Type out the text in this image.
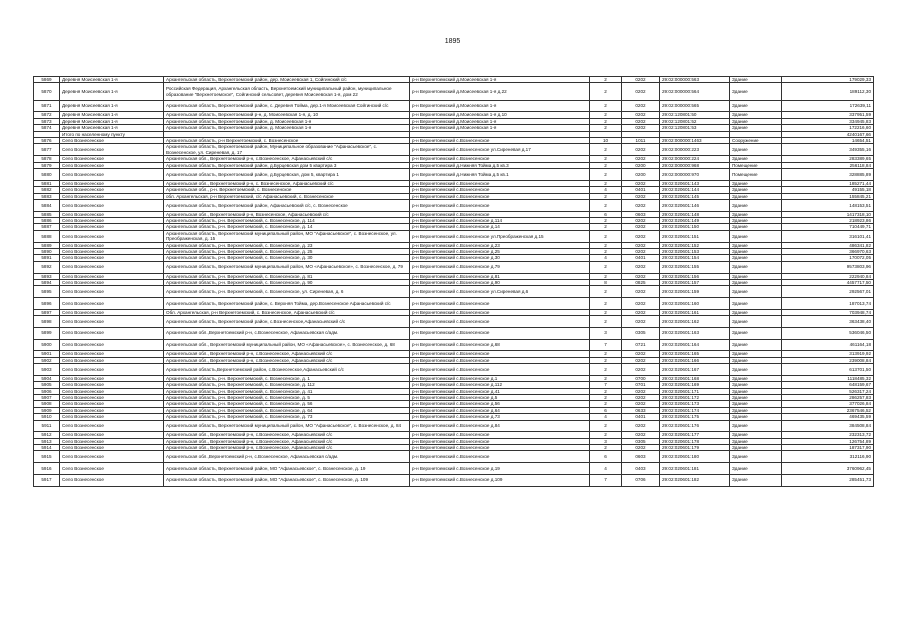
1895
5869	Деревня Моисеевская 1-я	Архангельская область, Верхнетоемский район, дер. Моисеевская 1, Сойгинский с/с	р-н Верхнетоемский д.Моисеевская 1-я	2	0202	29:02:000000:563	Здание	179029,33
5870	Деревня Моисеевская 1-я	Российская Федерация, Архангельская область, Верхнетоемский муниципальный район, муниципальное образование "Верхнетоемское", Сойгинский сельсовет, деревня Моисеевская 1-я, дом 22	р-н Верхнетоемский д.Моисеевская 1-я д.22	2	0202	29:02:000000:564	Здание	189112,30
5871	Деревня Моисеевская 1-я	Архангельская область, Верхнетоемский район, с. Деревня Тойма, дер.1-я Моисеевская Сойгинский с/с	р-н Верхнетоемский д.Моисеевская 1-я	2	0202	29:02:000000:565	Здание	172639,11
5872	Деревня Моисеевская 1-я	Архангельская область, Верхнетоемский р-н, д. Моисеевская 1-я, д. 10	р-н Верхнетоемский д.Моисеевская 1-я д.10	2	0202	29:02:120801:50	Здание	337951,59
5873	Деревня Моисеевская 1-я	Архангельская область, Верхнетоемский район, д. Моисеевская 1-я	р-н Верхнетоемский д.Моисеевская 1-я	2	0202	29:02:120801:52	Здание	334945,83
5874	Деревня Моисеевская 1-я	Архангельская область, Верхнетоемский район, д. Моисеевская 1-я	р-н Верхнетоемский д.Моисеевская 1-я	2	0202	29:02:120801:53	Здание	172216,60
	Итого по населенному пункту							4240167,66
5876	Село Вознесенское	Архангельская область, р-н Верхнетоемский, с. Вознесенское	р-н Верхнетоемский с.Вознесенское	10	1011	29:02:000000:1463	Сооружение	14654,51
5877	Село Вознесенское	Архангельская область, Верхнетоемский район, Муниципальное образование "Афанасьевское", с. Вознесенское, ул. Сиреневая, д. 17	р-н Верхнетоемский с.Вознесенское ул.Сиреневая д.17	2	0202	29:02:000000:223	Здание	349355,16
5878	Село Вознесенское	Архангельская обл., Верхнетоемский р-н, с.Вознесенское, Афанасьевский с/с	р-н Верхнетоемский с.Вознесенское	2	0202	29:02:000000:224	Здание	283389,65
5879	Село Вознесенское	Архангельская область, Верхнетоемский район, д.Бурцевская дом 5 квартира 3	р-н Верхнетоемский д.Нижняя Тойма д.5 кв.3	2	0200	29:02:000000:968	Помещение	256118,84
5880	Село Вознесенское	Архангельская область, Верхнетоемский район, д.Бурцевская, дом 5, квартира 1	р-н Верхнетоемский д.Нижняя Тойма д.5 кв.1	2	0200	29:02:000000:970	Помещение	328885,89
5881	Село Вознесенское	Архангельская обл., Верхнетоемский р-н, с. Вознесенское, Афанасьевский с/с	р-н Верхнетоемский с.Вознесенское	2	0202	29:02:020601:143	Здание	185271,44
5882	Село Вознесенское	Архангельская обл., р-н. Верхнетоемский, с. Вознесенское	р-н Верхнетоемский с.Вознесенское	4	0401	29:02:020601:144	Здание	49155,18
5883	Село Вознесенское	обл. Архангельская, р-н Верхнетоемский, с/с Афанасьевский, с. Вознесенское	р-н Верхнетоемский с.Вознесенское	2	0202	29:02:020601:145	Здание	155845,21
5884	Село Вознесенское	Архангельская область, Верхнетоемский район, Афанасьевский с/с, с. Вознесенское	р-н Верхнетоемский с.Вознесенское	2	0202	29:02:020601:146	Здание	148153,51
5885	Село Вознесенское	Архангельская обл., Верхнетоемский р-н, Вознесенское, Афанасьевский с/с	р-н Верхнетоемский с.Вознесенское	6	0603	29:02:020601:148	Здание	1417318,10
5886	Село Вознесенское	Архангельская область, р-н. Верхнетоемский, с. Вознесенское, д. 114	р-н Верхнетоемский с.Вознесенское д.114	2	0202	29:02:020601:149	Здание	218923,86
5887	Село Вознесенское	Архангельская область, р-н. Верхнетоемский, с. Вознесенское, д. 14	р-н Верхнетоемский с.Вознесенское д.14	2	0202	29:02:020601:150	Здание	710449,71
5888	Село Вознесенское	Архангельская область, Верхнетоемский муниципальный район, МО "Афанасьевское", с. Вознесенское, ул. Преображенская, д. 15	р-н Верхнетоемский с.Вознесенское ул.Преображенская д.15	2	0202	29:02:020601:151	Здание	316101,41
5889	Село Вознесенское	Архангельская область, р-н. Верхнетоемский, с. Вознесенское, д. 23	р-н Верхнетоемский с.Вознесенское д.23	2	0202	29:02:020601:152	Здание	486341,82
5890	Село Вознесенское	Архангельская область, р-н. Верхнетоемский, с. Вознесенское, д. 25	р-н Верхнетоемский с.Вознесенское д.25	2	0202	29:02:020601:153	Здание	366970,63
5891	Село Вознесенское	Архангельская область, р-н. Верхнетоемский, с. Вознесенское, д. 30	р-н Верхнетоемский с.Вознесенское д.30	4	0401	29:02:020601:154	Здание	170072,05
5892	Село Вознесенское	Архангельская область, Верхнетоемский муниципальный район, МО «Афанасьевское», с. Вознесенское, д. 79	р-н Верхнетоемский с.Вознесенское д.79	2	0202	29:02:020601:155	Здание	9573803,96
5893	Село Вознесенское	Архангельская область, р-н. Верхнетоемский, с. Вознесенское, д. 81	р-н Верхнетоемский с.Вознесенское д.81	2	0202	29:02:020601:156	Здание	222940,84
5894	Село Вознесенское	Архангельская область, р-н. Верхнетоемский, с. Вознесенское, д. 90	р-н Верхнетоемский с.Вознесенское д.90	8	0825	29:02:020601:157	Здание	4457717,50
5895	Село Вознесенское	Архангельская область, р-н. Верхнетоемский, с. Вознесенское, ул. Сиреневая, д. 6	р-н Верхнетоемский с.Вознесенское ул.Сиреневая д.6	2	0202	29:02:020601:159	Здание	292567,01
5896	Село Вознесенское	Архангельская область, Верхнетоемский район, с. Верхняя Тойма, дер.Вознесенское Афанасьевский с/с	р-н Верхнетоемский с.Вознесенское	2	0202	29:02:020601:160	Здание	187013,74
5897	Село Вознесенское	Обл. Архангельская, р-н Верхнетоемский, с. Вознесенское, Афанасьевский с/с	р-н Верхнетоемский с.Вознесенское	2	0202	29:02:020601:161	Здание	703948,74
5898	Село Вознесенское	Архангельская область, Верхнетоемский район, с.Вознесенское,Афанасьевский с/с	р-н Верхнетоемский с.Вознесенское	2	0202	29:02:020601:162	Здание	363438,40
5899	Село Вознесенское	Архангельская обл.,Верхнетоемский р-н, с.Вознесенское, Афанасьевская с/адм.	р-н Верхнетоемский с.Вознесенское	3	0305	29:02:020601:163	Здание	536046,50
5900	Село Вознесенское	Архангельская обл., Верхнетоемский муниципальный район, МО «Афанасьевское», с. Вознесенское, д. 68	р-н Верхнетоемский с.Вознесенское д.68	7	0721	29:02:020601:164	Здание	461164,18
5901	Село Вознесенское	Архангельская обл., Верхнетоемский р-н, с.Вознесенское, Афанасьевский с/с	р-н Верхнетоемский с.Вознесенское	2	0202	29:02:020601:165	Здание	313919,92
5902	Село Вознесенское	Архангельская обл., Верхнетоемский р-н, с.Вознесенское, Афанасьевский с/с	р-н Верхнетоемский с.Вознесенское	2	0202	29:02:020601:166	Здание	239008,84
5903	Село Вознесенское	Архангельская область,Верхнетоемский район, с.Вознесенское,Афанасьевский с/с	р-н Верхнетоемский с.Вознесенское	2	0202	29:02:020601:167	Здание	613701,50
5904	Село Вознесенское	Архангельская область, р-н. Верхнетоемский, с. Вознесенское, д. 1	р-н Верхнетоемский с.Вознесенское д.1	2	0700	29:02:020601:168	Здание	1118485,32
5905	Село Вознесенское	Архангельская область, р-н. Верхнетоемский, с. Вознесенское, д. 112	р-н Верхнетоемский с.Вознесенское д.112	7	0701	29:02:020601:169	Здание	648159,67
5906	Село Вознесенское	Архангельская область, р-н. Верхнетоемский, с. Вознесенское, д. 41	р-н Верхнетоемский с.Вознесенское д.41	2	0202	29:02:020601:171	Здание	526317,24
5907	Село Вознесенское	Архангельская область, р-н. Верхнетоемский, с. Вознесенское, д. 5	р-н Верхнетоемский с.Вознесенское д.5	2	0202	29:02:020601:172	Здание	286257,83
5908	Село Вознесенское	Архангельская область, р-н. Верхнетоемский, с. Вознесенское, д. 56	р-н Верхнетоемский с.Вознесенское д.56	2	0202	29:02:020601:173	Здание	377026,84
5909	Село Вознесенское	Архангельская область, р-н. Верхнетоемский, с. Вознесенское, д. 64	р-н Верхнетоемский с.Вознесенское д.64	6	0633	29:02:020601:174	Здание	2367546,52
5910	Село Вознесенское	Архангельская область, р-н. Верхнетоемский, с. Вознесенское, д. 73	р-н Верхнетоемский с.Вознесенское д.73	4	0401	29:02:020601:175	Здание	469435,59
5911	Село Вознесенское	Архангельская область, Верхнетоемский муниципальный район, МО "Афанасьевское", с. Вознесенское, д. 84	р-н Верхнетоемский с.Вознесенское д.84	2	0202	29:02:020601:176	Здание	384508,84
5912	Село Вознесенское	Архангельская обл., Верхнетоемский р-н, с.Вознесенское, Афанасьевский с/с	р-н Верхнетоемский с.Вознесенское	2	0202	29:02:020601:177	Здание	232313,72
5913	Село Вознесенское	Архангельская обл., Верхнетоемский р-н, с.Вознесенское, Афанасьевский с/с	р-н Верхнетоемский с.Вознесенское	3	0305	29:02:020601:178	Здание	126754,89
5914	Село Вознесенское	Архангельская обл., Верхнетоемский р-н, с.Вознесенское, Афанасьевский с/с	р-н Верхнетоемский с.Вознесенское	2	0202	29:02:020601:179	Здание	187317,90
5915	Село Вознесенское	Архангельская обл.,Верхнетоемский р-н, с.Вознесенское, Афанасьевская с/адм.	р-н Верхнетоемский с.Вознесенское	6	0603	29:02:020601:180	Здание	312116,90
5916	Село Вознесенское	Архангельская область, Верхнетоемский район, МО "Афанасьевское", с. Вознесенское, д. 19	р-н Верхнетоемский с.Вознесенское д.19	4	0403	29:02:020601:181	Здание	3760962,45
5917	Село Вознесенское	Архангельская область, Верхнетоемский район, МО "Афанасьевское", с. Вознесенское, д. 109	р-н Верхнетоемский с.Вознесенское д.109	7	0706	29:02:020601:182	Здание	285451,73
